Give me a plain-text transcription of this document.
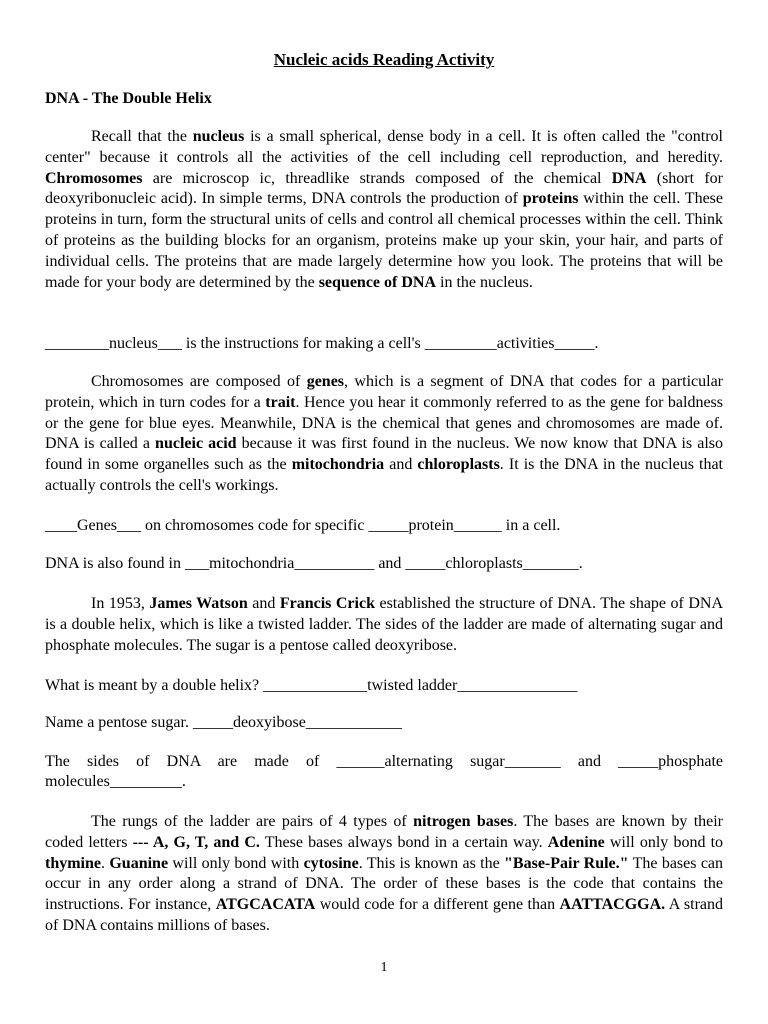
Nucleic acids Reading Activity
DNA - The Double Helix
Recall that the nucleus is a small spherical, dense body in a cell. It is often called the "control center" because it controls all the activities of the cell including cell reproduction, and heredity. Chromosomes are microscop ic, threadlike strands composed of the chemical DNA (short for deoxyribonucleic acid). In simple terms, DNA controls the production of proteins within the cell. These proteins in turn, form the structural units of cells and control all chemical processes within the cell. Think of proteins as the building blocks for an organism, proteins make up your skin, your hair, and parts of individual cells. The proteins that are made largely determine how you look. The proteins that will be made for your body are determined by the sequence of DNA in the nucleus.
________nucleus___ is the instructions for making a cell's _________activities_____.
Chromosomes are composed of genes, which is a segment of DNA that codes for a particular protein, which in turn codes for a trait. Hence you hear it commonly referred to as the gene for baldness or the gene for blue eyes. Meanwhile, DNA is the chemical that genes and chromosomes are made of. DNA is called a nucleic acid because it was first found in the nucleus. We now know that DNA is also found in some organelles such as the mitochondria and chloroplasts. It is the DNA in the nucleus that actually controls the cell's workings.
____Genes___ on chromosomes code for specific _____protein______ in a cell.
DNA is also found in ___mitochondria__________ and _____chloroplasts_______.
In 1953, James Watson and Francis Crick established the structure of DNA. The shape of DNA is a double helix, which is like a twisted ladder. The sides of the ladder are made of alternating sugar and phosphate molecules. The sugar is a pentose called deoxyribose.
What is meant by a double helix? _____________twisted ladder_______________
Name a pentose sugar. _____deoxyibose____________
The sides of DNA are made of ______alternating sugar_______ and _____phosphate molecules_________.
The rungs of the ladder are pairs of 4 types of nitrogen bases. The bases are known by their coded letters --- A, G, T, and C. These bases always bond in a certain way. Adenine will only bond to thymine. Guanine will only bond with cytosine. This is known as the "Base-Pair Rule." The bases can occur in any order along a strand of DNA. The order of these bases is the code that contains the instructions. For instance, ATGCACATA would code for a different gene than AATTACGGA. A strand of DNA contains millions of bases.
1
